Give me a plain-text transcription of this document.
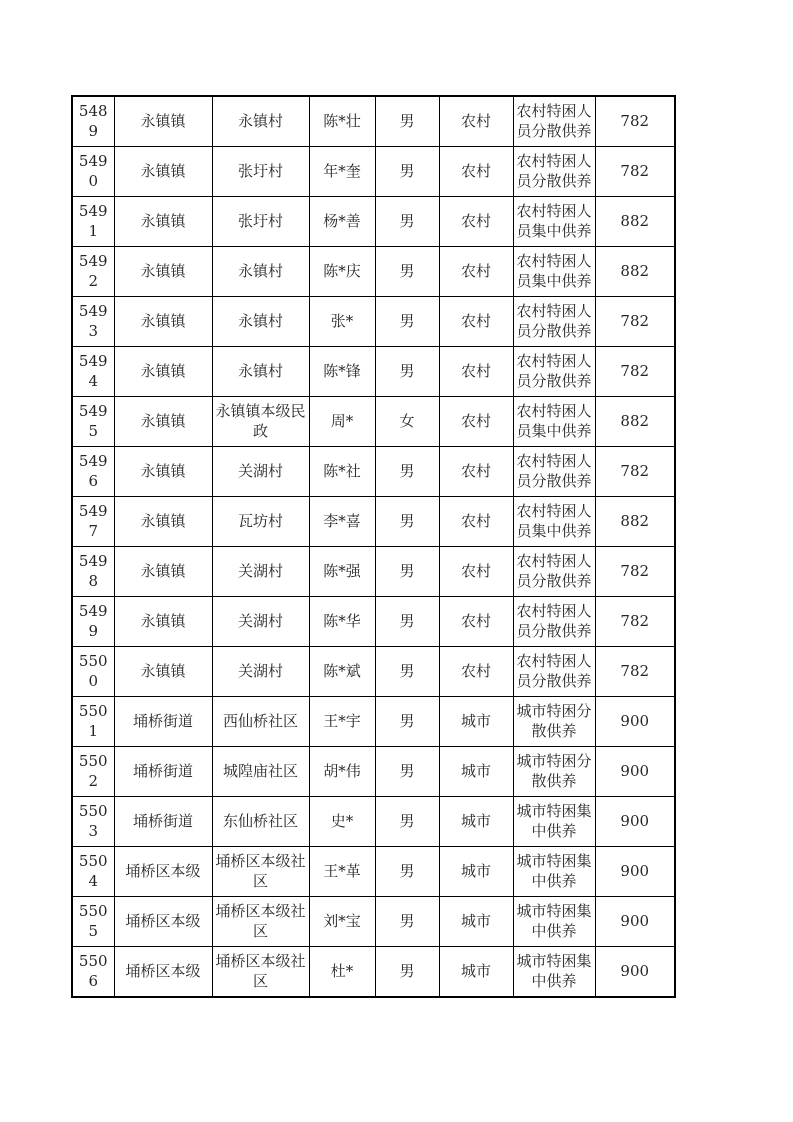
5489	永镇镇	永镇村	陈*壮	男	农村	农村特困人员分散供养	782
5490	永镇镇	张圩村	年*奎	男	农村	农村特困人员分散供养	782
5491	永镇镇	张圩村	杨*善	男	农村	农村特困人员集中供养	882
5492	永镇镇	永镇村	陈*庆	男	农村	农村特困人员集中供养	882
5493	永镇镇	永镇村	张*	男	农村	农村特困人员分散供养	782
5494	永镇镇	永镇村	陈*锋	男	农村	农村特困人员分散供养	782
5495	永镇镇	永镇镇本级民政	周*	女	农村	农村特困人员集中供养	882
5496	永镇镇	关湖村	陈*社	男	农村	农村特困人员分散供养	782
5497	永镇镇	瓦坊村	李*喜	男	农村	农村特困人员集中供养	882
5498	永镇镇	关湖村	陈*强	男	农村	农村特困人员分散供养	782
5499	永镇镇	关湖村	陈*华	男	农村	农村特困人员分散供养	782
5500	永镇镇	关湖村	陈*斌	男	农村	农村特困人员分散供养	782
5501	埇桥街道	西仙桥社区	王*宇	男	城市	城市特困分散供养	900
5502	埇桥街道	城隍庙社区	胡*伟	男	城市	城市特困分散供养	900
5503	埇桥街道	东仙桥社区	史*	男	城市	城市特困集中供养	900
5504	埇桥区本级	埇桥区本级社区	王*革	男	城市	城市特困集中供养	900
5505	埇桥区本级	埇桥区本级社区	刘*宝	男	城市	城市特困集中供养	900
5506	埇桥区本级	埇桥区本级社区	杜*	男	城市	城市特困集中供养	900
